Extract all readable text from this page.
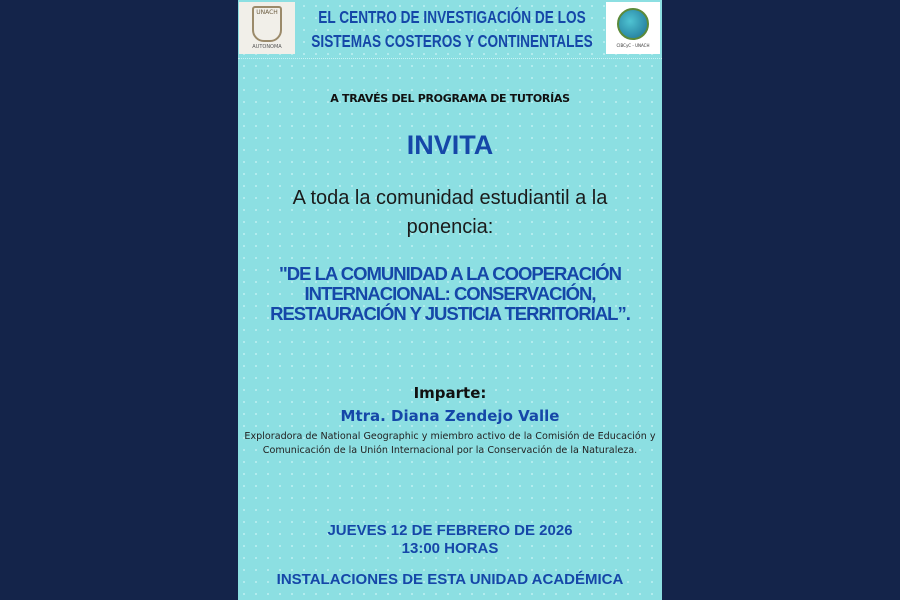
UNACH
AUTONOMA
EL CENTRO DE INVESTIGACIÓN DE LOS
SISTEMAS COSTEROS Y CONTINENTALES	CIBCyC - UNACH
A TRAVÉS DEL PROGRAMA DE TUTORÍAS
INVITA
A toda la comunidad estudiantil a la ponencia:
"DE LA COMUNIDAD A LA COOPERACIÓN INTERNACIONAL: CONSERVACIÓN, RESTAURACIÓN Y JUSTICIA TERRITORIAL”.
Imparte:
Mtra. Diana Zendejo Valle
Exploradora de National Geographic y miembro activo de la Comisión de Educación y Comunicación de la Unión Internacional por la Conservación de la Naturaleza.
JUEVES 12 DE FEBRERO DE 2026
13:00 HORAS
INSTALACIONES DE ESTA UNIDAD ACADÉMICA
